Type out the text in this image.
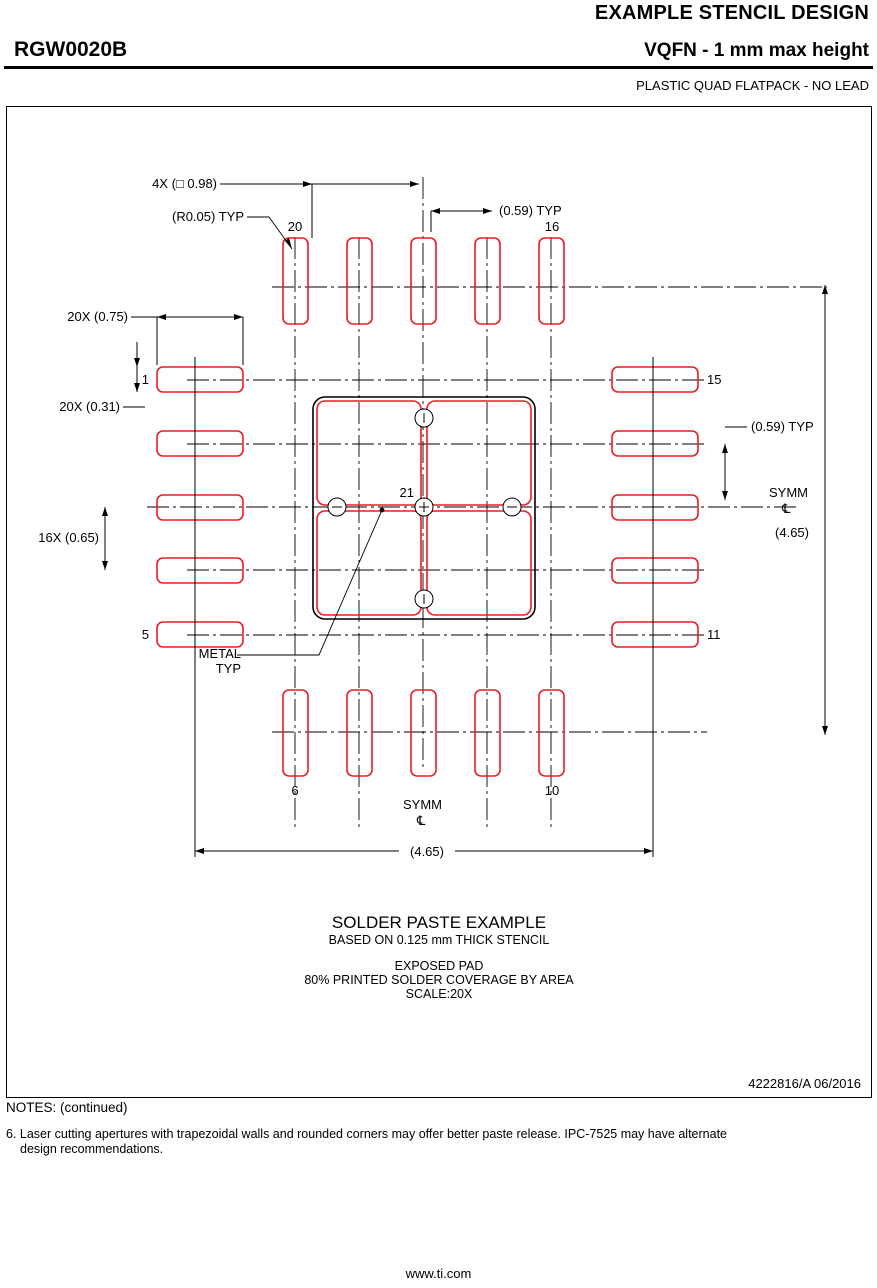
EXAMPLE STENCIL DESIGN
RGW0020B	VQFN - 1 mm max height
PLASTIC QUAD FLATPACK - NO LEAD
METAL
TYP
4X (□ 0.98)
(0.59) TYP
(R0.05) TYP
20X (0.75)
20X (0.31)
16X (0.65)
(0.59) TYP
SYMM
℄
SYMM
℄
(4.65)
(4.65)
20	16
1
5
15
11
6	10
21
SOLDER PASTE EXAMPLE
BASED ON 0.125 mm THICK STENCIL
EXPOSED PAD
80% PRINTED SOLDER COVERAGE BY AREA
SCALE:20X
4222816/A 06/2016
NOTES: (continued)
6. Laser cutting apertures with trapezoidal walls and rounded corners may offer better paste release. IPC-7525 may have alternate
design recommendations.
www.ti.com
